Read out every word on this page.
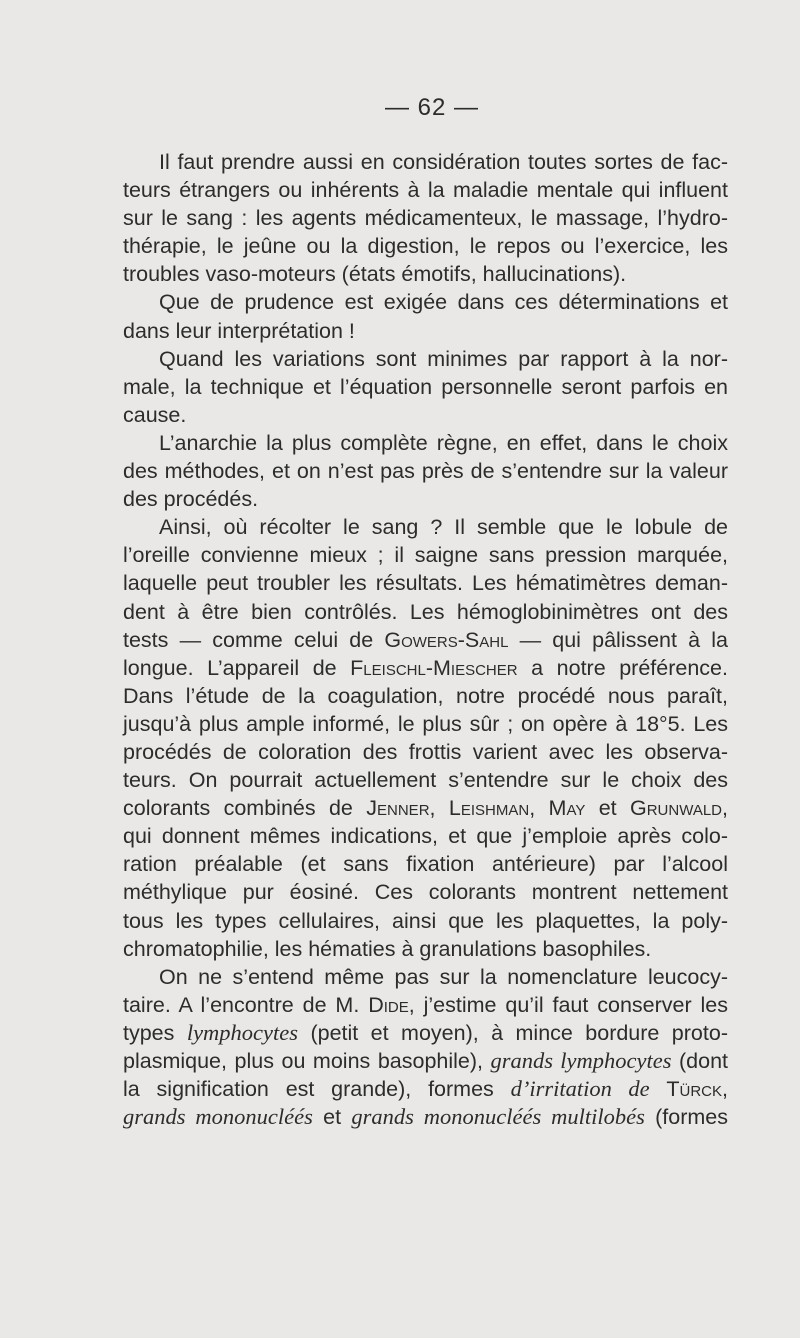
— 62 —
Il faut prendre aussi en considération toutes sortes de fac-
teurs étrangers ou inhérents à la maladie mentale qui influent
sur le sang : les agents médicamenteux, le massage, l’hydro-
thérapie, le jeûne ou la digestion, le repos ou l’exercice, les
troubles vaso-moteurs (états émotifs, hallucinations).
Que de prudence est exigée dans ces déterminations et
dans leur interprétation !
Quand les variations sont minimes par rapport à la nor-
male, la technique et l’équation personnelle seront parfois en
cause.
L’anarchie la plus complète règne, en effet, dans le choix
des méthodes, et on n’est pas près de s’entendre sur la valeur
des procédés.
Ainsi, où récolter le sang ? Il semble que le lobule de
l’oreille convienne mieux ; il saigne sans pression marquée,
laquelle peut troubler les résultats. Les hématimètres deman-
dent à être bien contrôlés. Les hémoglobinimètres ont des
tests — comme celui de Gowers-Sahl — qui pâlissent à la
longue. L’appareil de Fleischl-Miescher a notre préférence.
Dans l’étude de la coagulation, notre procédé nous paraît,
jusqu’à plus ample informé, le plus sûr ; on opère à 18°5. Les
procédés de coloration des frottis varient avec les observa-
teurs. On pourrait actuellement s’entendre sur le choix des
colorants combinés de Jenner, Leishman, May et Grunwald,
qui donnent mêmes indications, et que j’emploie après colo-
ration préalable (et sans fixation antérieure) par l’alcool
méthylique pur éosiné. Ces colorants montrent nettement
tous les types cellulaires, ainsi que les plaquettes, la poly-
chromatophilie, les hématies à granulations basophiles.
On ne s’entend même pas sur la nomenclature leucocy-
taire. A l’encontre de M. Dide, j’estime qu’il faut conserver les
types lymphocytes (petit et moyen), à mince bordure proto-
plasmique, plus ou moins basophile), grands lymphocytes (dont
la signification est grande), formes d’irritation de Türck,
grands mononucléés et grands mononucléés multilobés (formes
